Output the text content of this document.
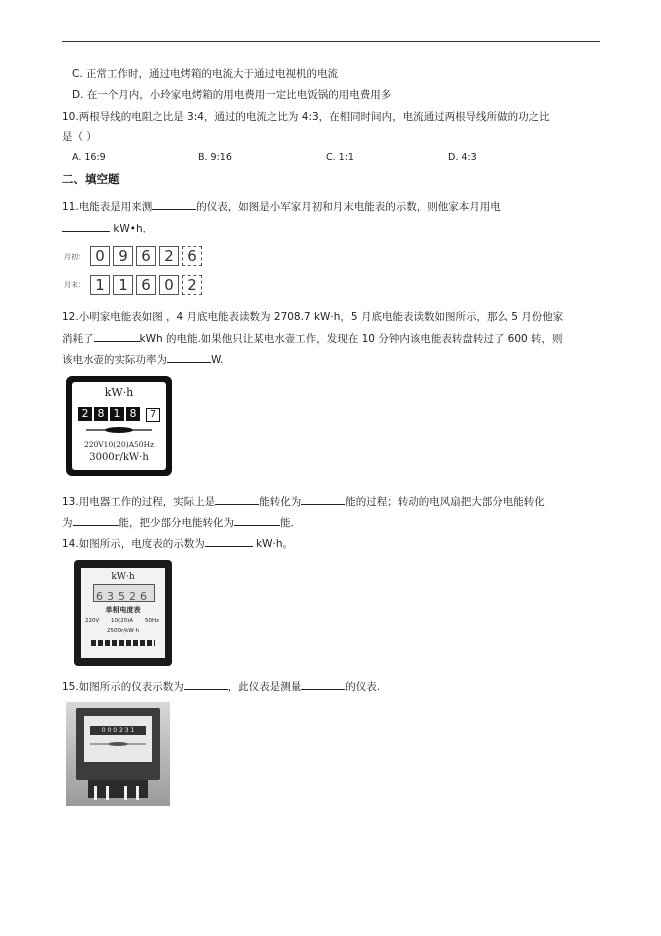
C. 正常工作时，通过电烤箱的电流大于通过电视机的电流
D. 在一个月内，小玲家电烤箱的用电费用一定比电饭锅的用电费用多
10.两根导线的电阻之比是 3:4，通过的电流之比为 4:3，在相同时间内，电流通过两根导线所做的功之比
是（ ）
A. 16:9	B. 9:16	C. 1:1	D. 4:3
二、填空题
11.电能表是用来测	的仪表，如图是小军家月初和月末电能表的示数，则他家本月用电
kW•h．
月初： 0 9 6 2 6
月末： 1 1 6 0 2
12.小明家电能表如图 ，4 月底电能表读数为 2708.7 kW·h，5 月底电能表读数如图所示，那么 5 月份他家
消耗了	kWh 的电能.如果他只让某电水壶工作，发现在 10 分钟内该电能表转盘转过了 600 转，则
该电水壶的实际功率为	W.
kW·h
2 8 1 8 7
220V10(20)A50Hz
3000r/kW·h
13.用电器工作的过程，实际上是	能转化为	能的过程；转动的电风扇把大部分电能转化
为	能，把少部分电能转化为	能．
14.如图所示，电度表的示数为	kW·h。
kW·h
6 3 5 2 6
单相电度表
220V 10(20)A 50Hz
2500r/kW·h
15.如图所示的仪表示数为	，此仪表是测量	的仪表.
0 0 0 2 3 1
